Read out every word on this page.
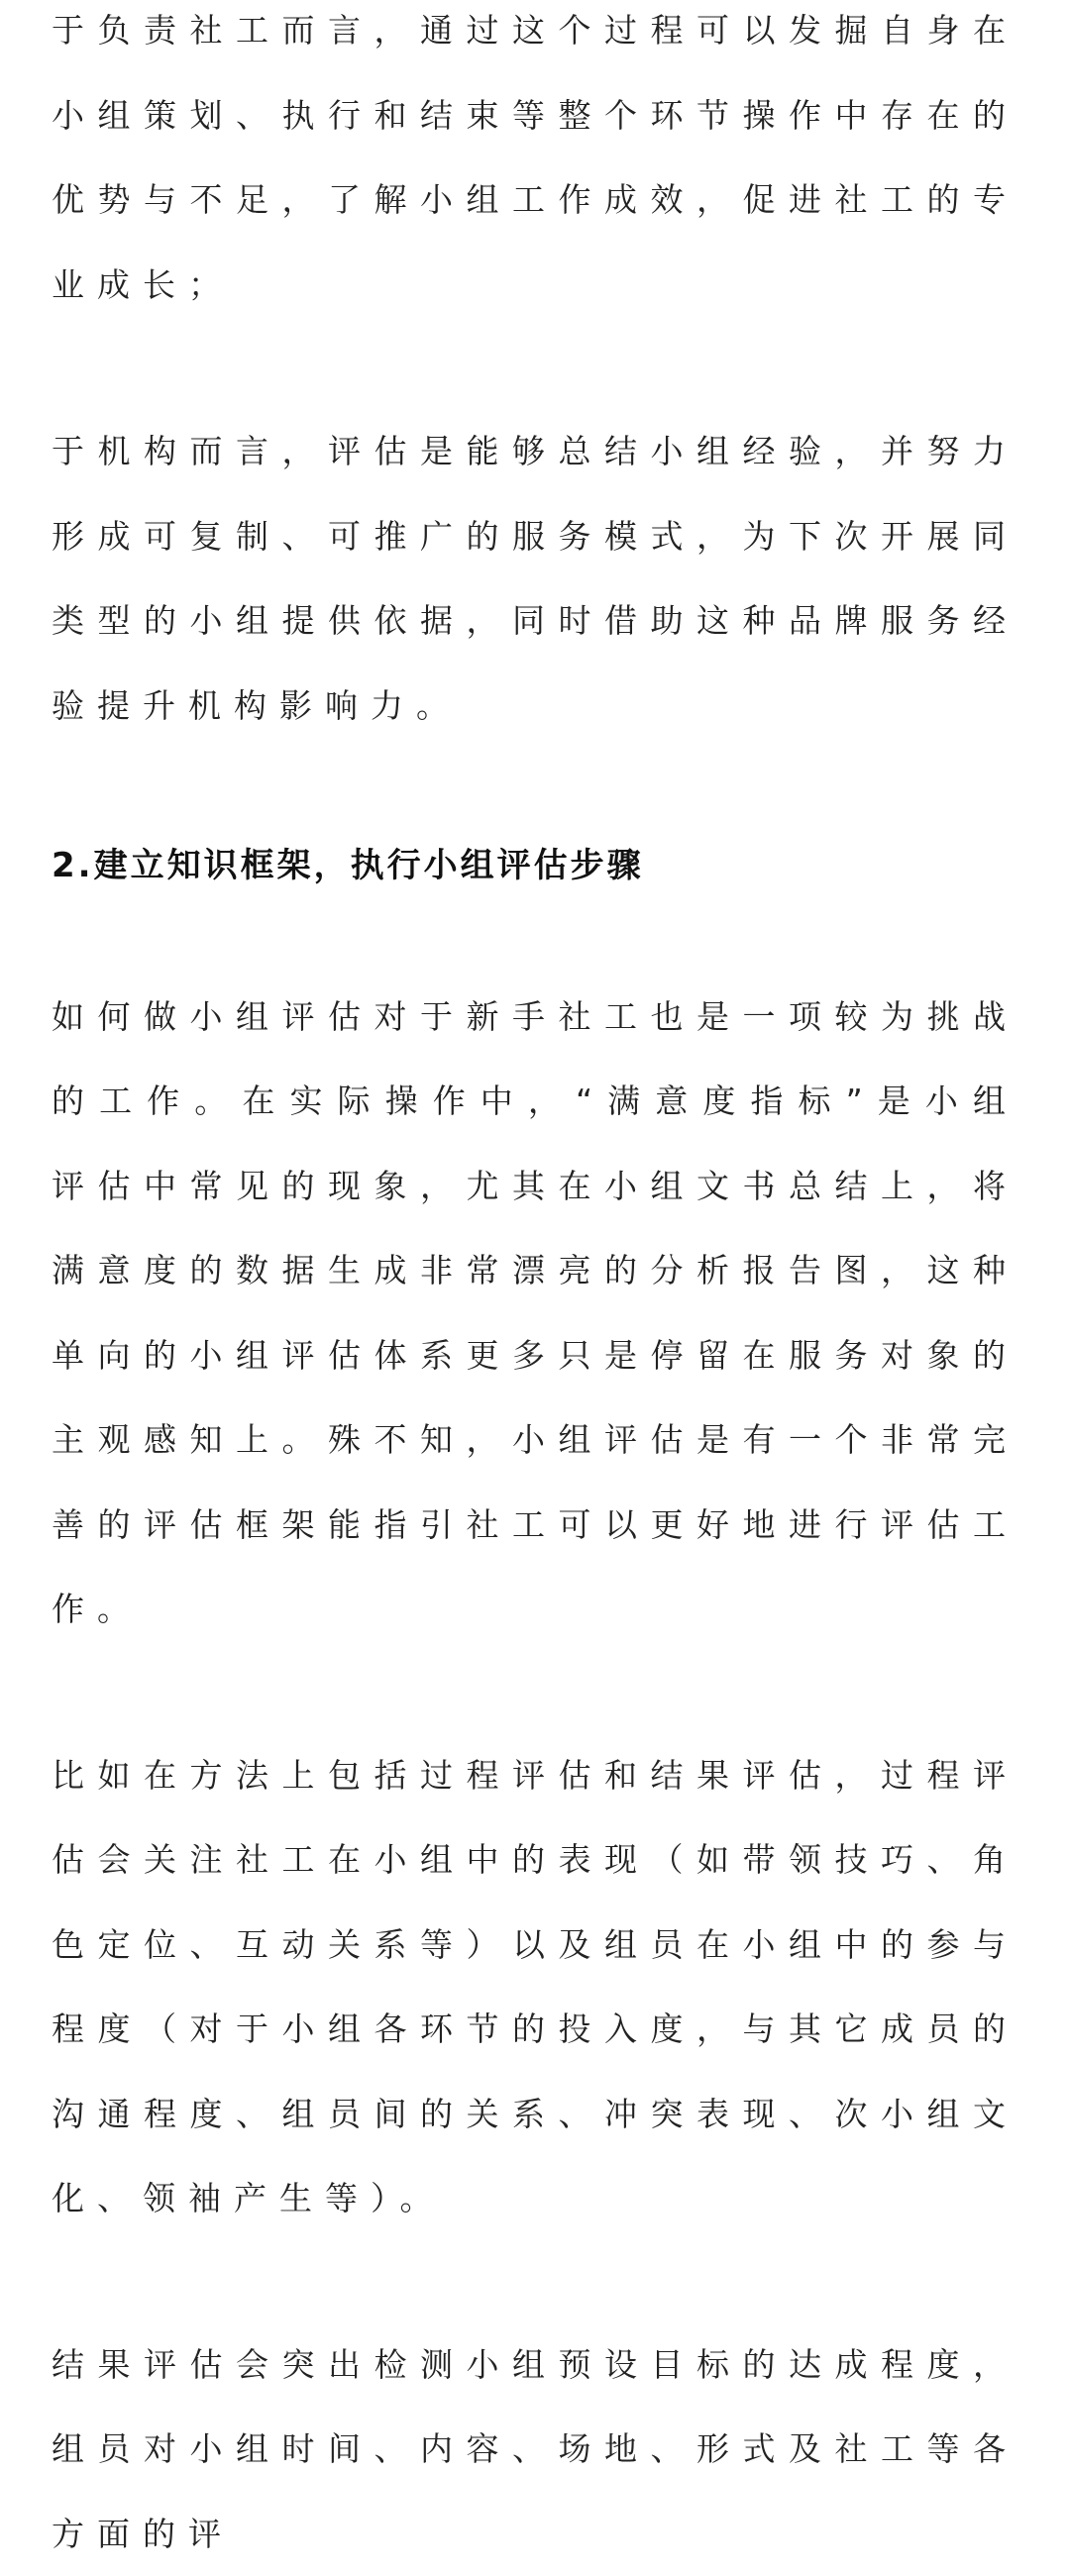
于负责社工而言，通过这个过程可以发掘自身在小组策划、执行和结束等整个环节操作中存在的优势与不足，了解小组工作成效，促进社工的专业成长；

于机构而言，评估是能够总结小组经验，并努力形成可复制、可推广的服务模式，为下次开展同类型的小组提供依据，同时借助这种品牌服务经验提升机构影响力。

2.建立知识框架，执行小组评估步骤

如何做小组评估对于新手社工也是一项较为挑战的工作。在实际操作中，“满意度指标”是小组评估中常见的现象，尤其在小组文书总结上，将满意度的数据生成非常漂亮的分析报告图，这种单向的小组评估体系更多只是停留在服务对象的主观感知上。殊不知，小组评估是有一个非常完善的评估框架能指引社工可以更好地进行评估工作。

比如在方法上包括过程评估和结果评估，过程评估会关注社工在小组中的表现（如带领技巧、角色定位、互动关系等）以及组员在小组中的参与程度（对于小组各环节的投入度，与其它成员的沟通程度、组员间的关系、冲突表现、次小组文化、领袖产生等）。

结果评估会突出检测小组预设目标的达成程度，组员对小组时间、内容、场地、形式及社工等各方面的评
